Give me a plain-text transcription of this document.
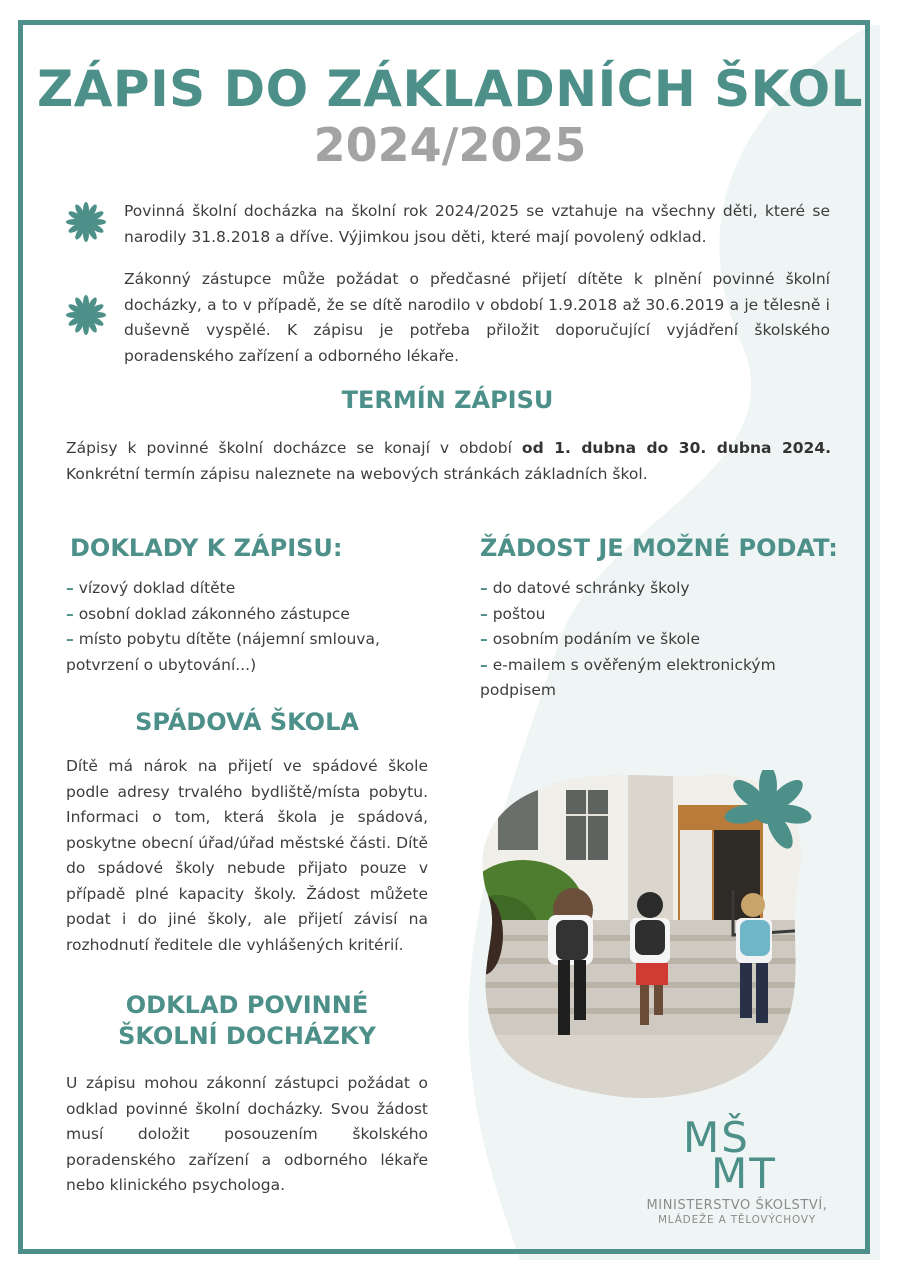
ZÁPIS DO ZÁKLADNÍCH ŠKOL
2024/2025
Povinná školní docházka na školní rok 2024/2025 se vztahuje na všechny děti, které se narodily 31.8.2018 a dříve. Výjimkou jsou děti, které mají povolený odklad.
Zákonný zástupce může požádat o předčasné přijetí dítěte k plnění povinné školní docházky, a to v případě, že se dítě narodilo v období 1.9.2018 až 30.6.2019 a je tělesně i duševně vyspělé. K zápisu je potřeba přiložit doporučující vyjádření školského poradenského zařízení a odborného lékaře.
TERMÍN ZÁPISU
Zápisy k povinné školní docházce se konají v období od 1. dubna do 30. dubna 2024. Konkrétní termín zápisu naleznete na webových stránkách základních škol.
DOKLADY K ZÁPISU:
– vízový doklad dítěte
– osobní doklad zákonného zástupce
– místo pobytu dítěte (nájemní smlouva, potvrzení o ubytování...)
ŽÁDOST JE MOŽNÉ PODAT:
– do datové schránky školy
– poštou
– osobním podáním ve škole
– e-mailem s ověřeným elektronickým podpisem
SPÁDOVÁ ŠKOLA
Dítě má nárok na přijetí ve spádové škole podle adresy trvalého bydliště/místa pobytu. Informaci o tom, která škola je spádová, poskytne obecní úřad/úřad městské části. Dítě do spádové školy nebude přijato pouze v případě plné kapacity školy. Žádost můžete podat i do jiné školy, ale přijetí závisí na rozhodnutí ředitele dle vyhlášených kritérií.
ODKLAD POVINNÉ
ŠKOLNÍ DOCHÁZKY
U zápisu mohou zákonní zástupci požádat o odklad povinné školní docházky. Svou žádost musí doložit posouzením školského poradenského zařízení a odborného lékaře nebo klinického psychologa.
MŠ
MT
MINISTERSTVO ŠKOLSTVÍ,
MLÁDEŽE A TĚLOVÝCHOVY
